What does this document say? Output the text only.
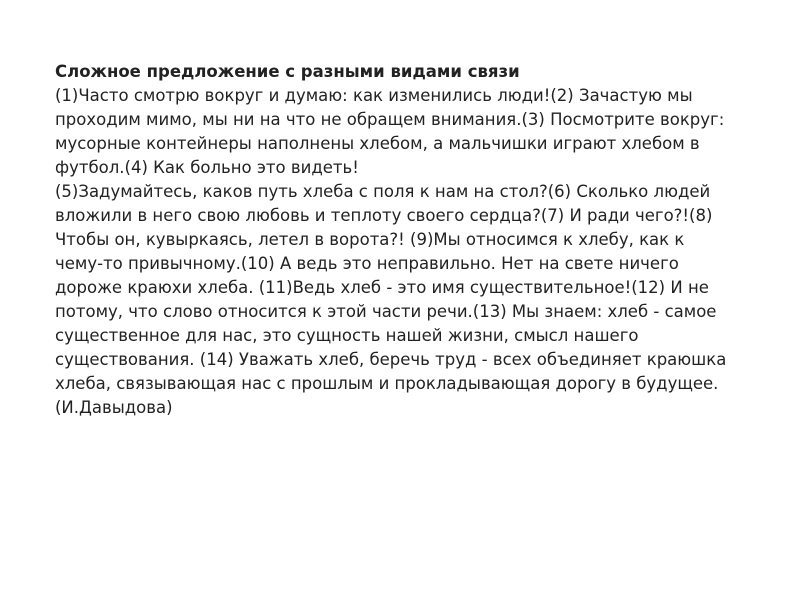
Сложное предложение с разными видами связи

(1)Часто смотрю вокруг и думаю: как изменились люди!(2) Зачастую мы

проходим мимо, мы ни на что не обращем внимания.(3) Посмотрите вокруг:

мусорные контейнеры наполнены хлебом, а мальчишки играют хлебом в

футбол.(4) Как больно это видеть!

(5)Задумайтесь, каков путь хлеба с поля к нам на стол?(6) Сколько людей

вложили в него свою любовь и теплоту своего сердца?(7) И ради чего?!(8)

Чтобы он, кувыркаясь, летел в ворота?! (9)Мы относимся к хлебу, как к

чему-то привычному.(10) А ведь это неправильно. Нет на свете ничего

дороже краюхи хлеба. (11)Ведь хлеб - это имя существительное!(12) И не

потому, что слово относится к этой части речи.(13) Мы знаем: хлеб - самое

существенное для нас, это сущность нашей жизни, смысл нашего

существования. (14) Уважать хлеб, беречь труд - всех объединяет краюшка

хлеба, связывающая нас с прошлым и прокладывающая дорогу в будущее.

(И.Давыдова)
